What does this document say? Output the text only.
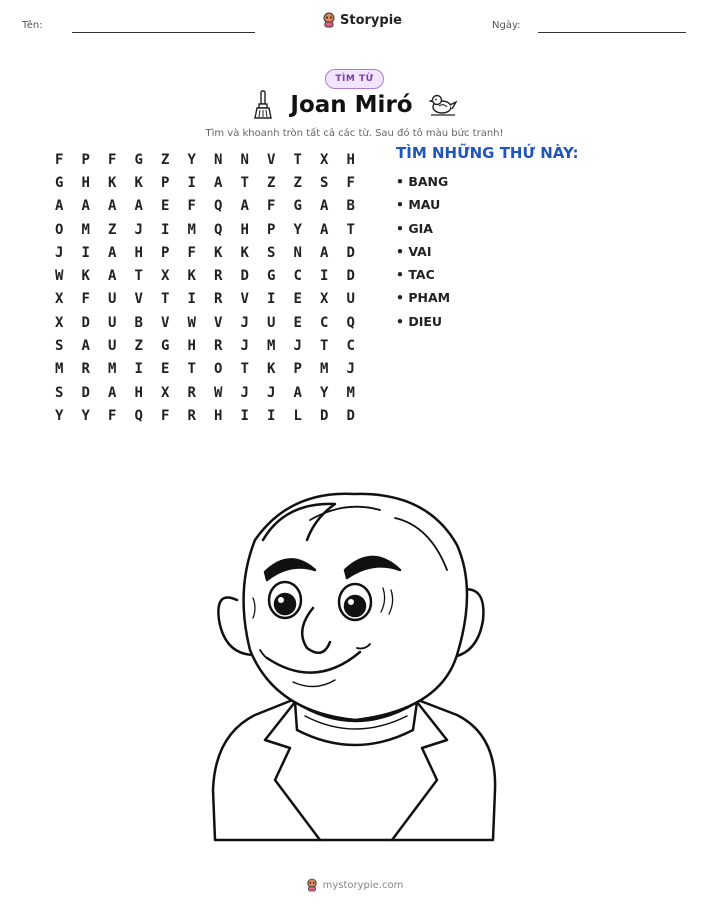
Tên:	Storypie	Ngày:
TÌM TỪ
Joan Miró
Tìm và khoanh tròn tất cả các từ. Sau đó tô màu bức tranh!
F	P	F	G	Z	Y	N	N	V	T	X	H
G	H	K	K	P	I	A	T	Z	Z	S	F
A	A	A	A	E	F	Q	A	F	G	A	B
O	M	Z	J	I	M	Q	H	P	Y	A	T
J	I	A	H	P	F	K	K	S	N	A	D
W	K	A	T	X	K	R	D	G	C	I	D
X	F	U	V	T	I	R	V	I	E	X	U
X	D	U	B	V	W	V	J	U	E	C	Q
S	A	U	Z	G	H	R	J	M	J	T	C
M	R	M	I	E	T	O	T	K	P	M	J
S	D	A	H	X	R	W	J	J	A	Y	M
Y	Y	F	Q	F	R	H	I	I	L	D	D
TÌM NHỮNG THỨ NÀY:
• BANG
• MAU
• GIA
• VAI
• TAC
• PHAM
• DIEU
mystorypie.com
